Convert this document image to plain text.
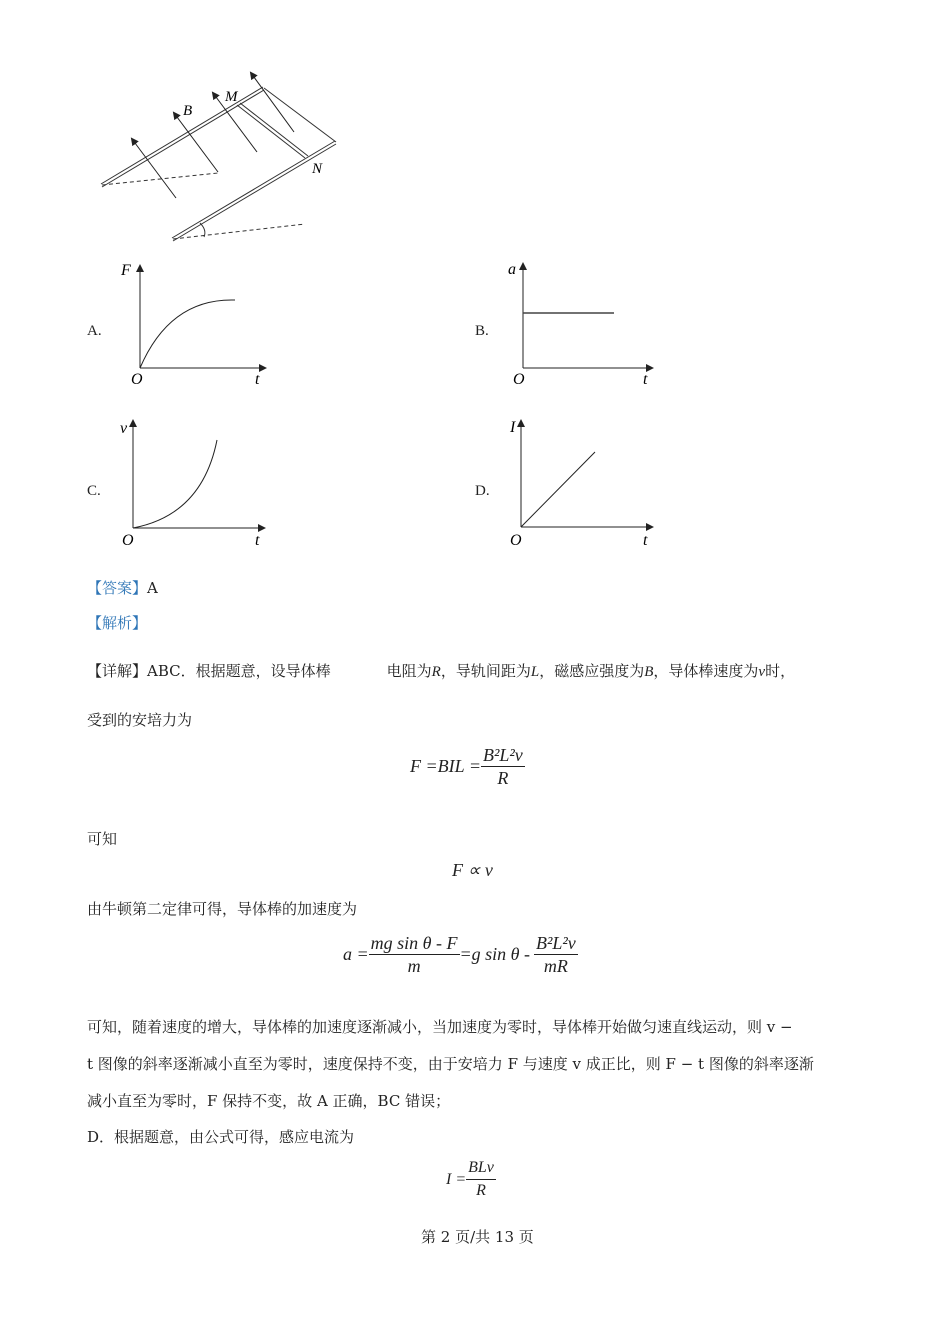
B
M
N
A.
F
O	t
B.
a
O	t
C.
v
O	t
D.
I
O	t
【答案】A
【解析】
【详解】ABC．根据题意，设导体棒	电阻为R，导轨间距为L，磁感应强度为B，导体棒速度为v时，
受到的安培力为
$F =BIL = \frac{\text{B²L²v}}{R}$
可知
F ∝ v
由牛顿第二定律可得，导体棒的加速度为
$a = \frac{\text{mg sin θ - F}}{m} =g$ sin θ - $\frac{\text{B²L²v}}{mR}$
可知，随着速度的增大，导体棒的加速度逐渐减小，当加速度为零时，导体棒开始做匀速直线运动，则 v −
t 图像的斜率逐渐减小直至为零时，速度保持不变，由于安培力 F 与速度 v 成正比，则 F − t 图像的斜率逐渐
减小直至为零时，F 保持不变，故 A 正确，BC 错误；
D．根据题意，由公式可得，感应电流为
$I = \frac{\text{BLv}}{R}$
第 2 页/共 13 页
